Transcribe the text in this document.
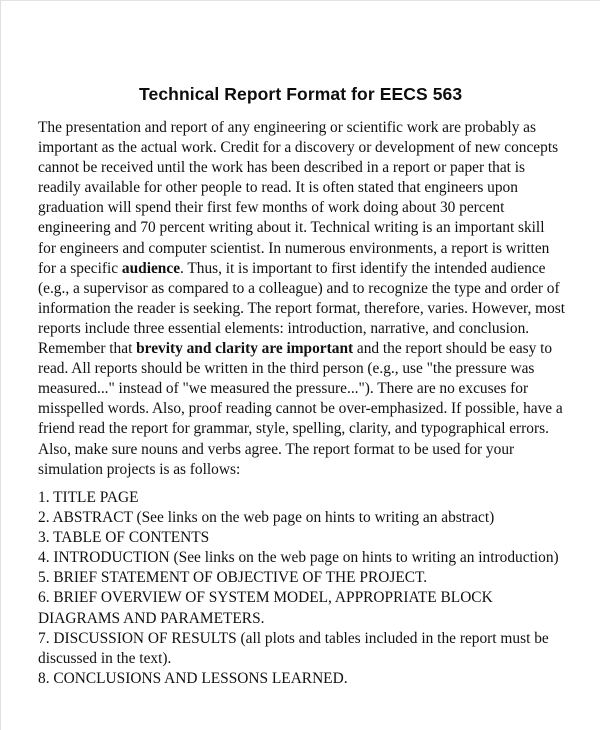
Technical Report Format for EECS 563

The presentation and report of any engineering or scientific work are probably as important as the actual work. Credit for a discovery or development of new concepts cannot be received until the work has been described in a report or paper that is readily available for other people to read. It is often stated that engineers upon graduation will spend their first few months of work doing about 30 percent engineering and 70 percent writing about it. Technical writing is an important skill for engineers and computer scientist. In numerous environments, a report is written for a specific audience. Thus, it is important to first identify the intended audience (e.g., a supervisor as compared to a colleague) and to recognize the type and order of information the reader is seeking. The report format, therefore, varies. However, most reports include three essential elements: introduction, narrative, and conclusion. Remember that brevity and clarity are important and the report should be easy to read. All reports should be written in the third person (e.g., use "the pressure was measured..." instead of "we measured the pressure..."). There are no excuses for misspelled words. Also, proof reading cannot be over-emphasized. If possible, have a friend read the report for grammar, style, spelling, clarity, and typographical errors. Also, make sure nouns and verbs agree. The report format to be used for your simulation projects is as follows:

1. TITLE PAGE

2. ABSTRACT (See links on the web page on hints to writing an abstract)

3. TABLE OF CONTENTS

4. INTRODUCTION (See links on the web page on hints to writing an introduction)

5. BRIEF STATEMENT OF OBJECTIVE OF THE PROJECT.

6. BRIEF OVERVIEW OF SYSTEM MODEL, APPROPRIATE BLOCK DIAGRAMS AND PARAMETERS.

7. DISCUSSION OF RESULTS (all plots and tables included in the report must be discussed in the text).

8. CONCLUSIONS AND LESSONS LEARNED.
